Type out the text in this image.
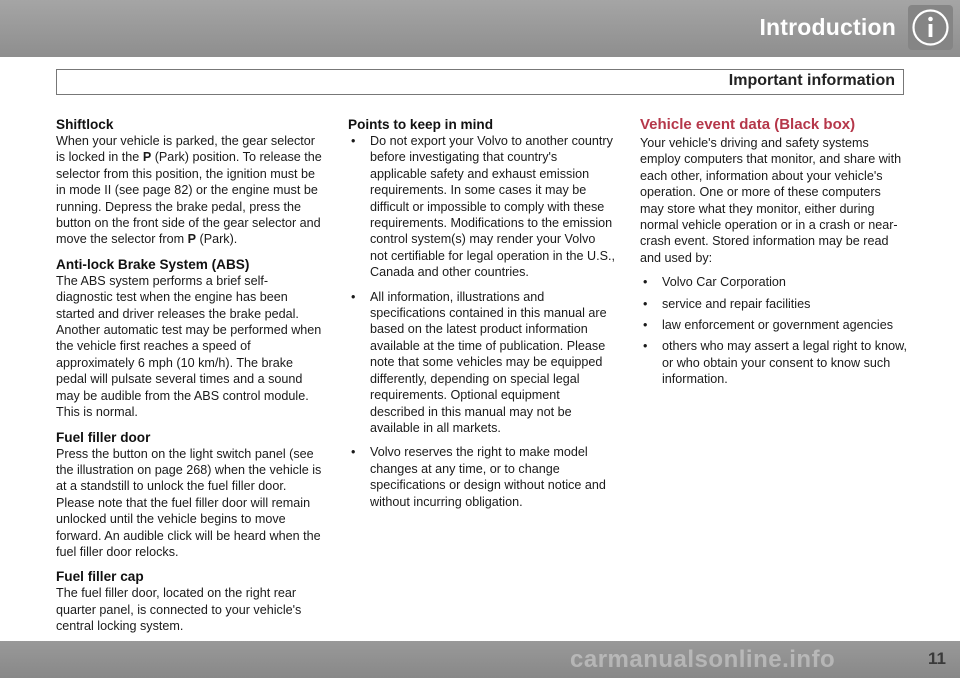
Introduction
Important information
Shiftlock

When your vehicle is parked, the gear selector is locked in the P (Park) position. To release the selector from this position, the ignition must be in mode II (see page 82) or the engine must be running. Depress the brake pedal, press the button on the front side of the gear selector and move the selector from P (Park).

Anti-lock Brake System (ABS)

The ABS system performs a brief self-diagnostic test when the engine has been started and driver releases the brake pedal. Another automatic test may be performed when the vehicle first reaches a speed of approximately 6 mph (10 km/h). The brake pedal will pulsate several times and a sound may be audible from the ABS control module. This is normal.

Fuel filler door

Press the button on the light switch panel (see the illustration on page 268) when the vehicle is at a standstill to unlock the fuel filler door. Please note that the fuel filler door will remain unlocked until the vehicle begins to move forward. An audible click will be heard when the fuel filler door relocks.

Fuel filler cap

The fuel filler door, located on the right rear quarter panel, is connected to your vehicle's central locking system.

Points to keep in mind
• Do not export your Volvo to another country before investigating that country's applicable safety and exhaust emission requirements. In some cases it may be difficult or impossible to comply with these requirements. Modifications to the emission control system(s) may render your Volvo not certifiable for legal operation in the U.S., Canada and other countries.
• All information, illustrations and specifications contained in this manual are based on the latest product information available at the time of publication. Please note that some vehicles may be equipped differently, depending on special legal requirements. Optional equipment described in this manual may not be available in all markets.
• Volvo reserves the right to make model changes at any time, or to change specifications or design without notice and without incurring obligation.
Vehicle event data (Black box)

Your vehicle's driving and safety systems employ computers that monitor, and share with each other, information about your vehicle's operation. One or more of these computers may store what they monitor, either during normal vehicle operation or in a crash or near-crash event. Stored information may be read and used by:

• Volvo Car Corporation
• service and repair facilities
• law enforcement or government agencies
• others who may assert a legal right to know, or who obtain your consent to know such information.
11
carmanualsonline.info
